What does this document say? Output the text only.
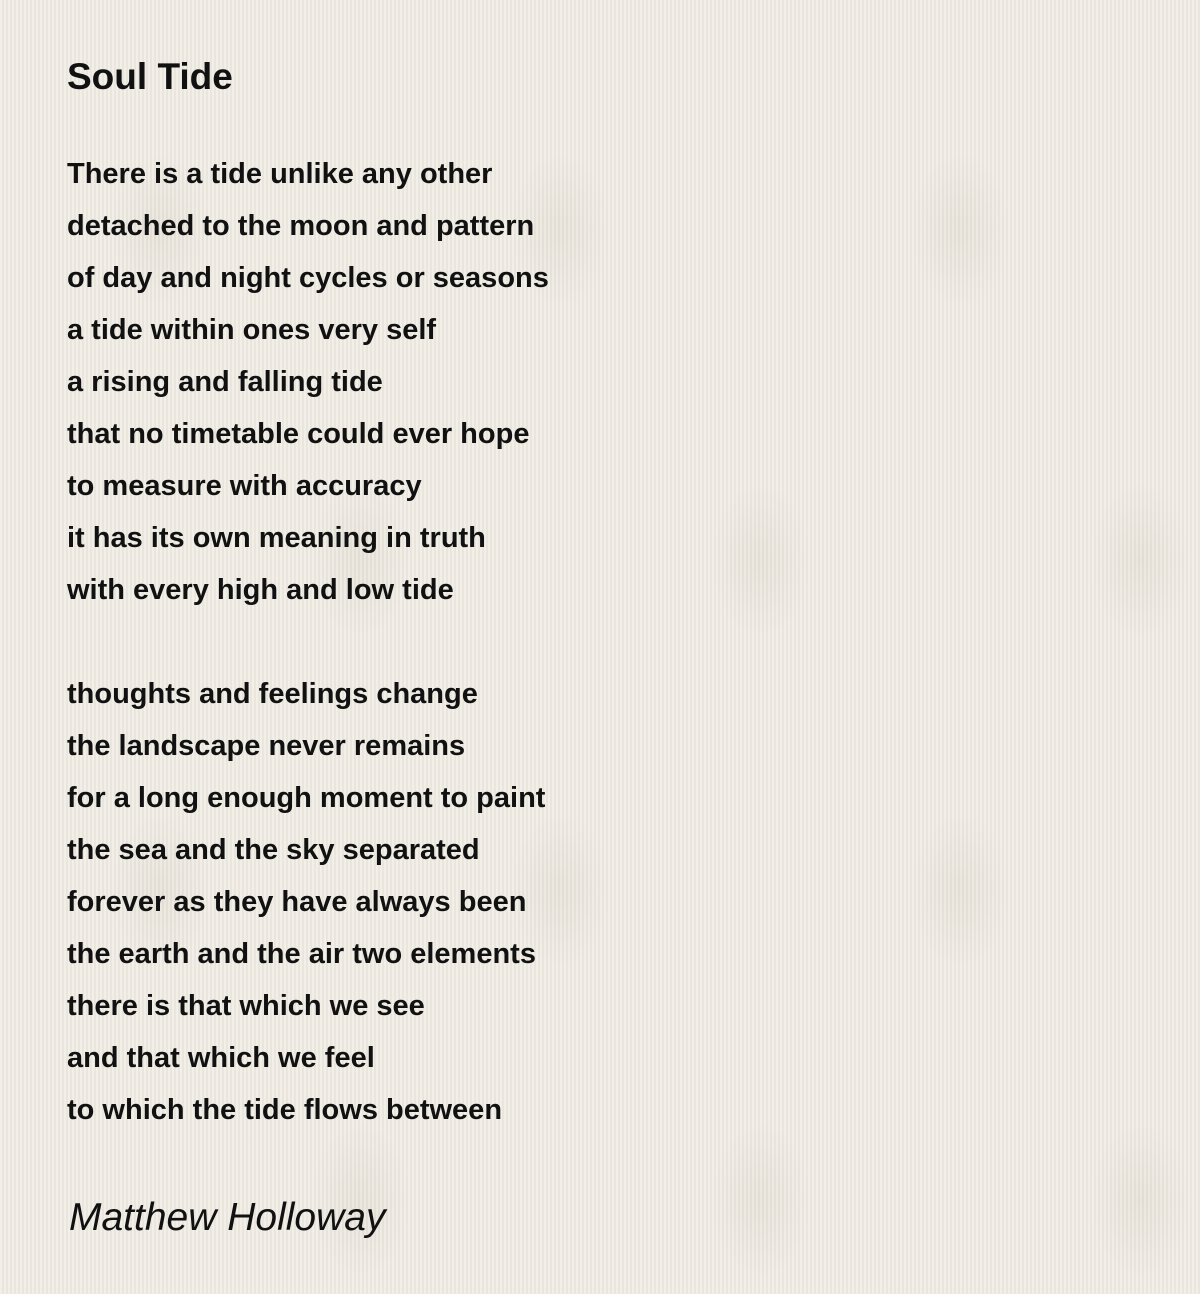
Soul Tide
There is a tide unlike any other
detached to the moon and pattern
of day and night cycles or seasons
a tide within ones very self
a rising and falling tide
that no timetable could ever hope
to measure with accuracy
it has its own meaning in truth
with every high and low tide
thoughts and feelings change
the landscape never remains
for a long enough moment to paint
the sea and the sky separated
forever as they have always been
the earth and the air two elements
there is that which we see
and that which we feel
to which the tide flows between
Matthew Holloway
